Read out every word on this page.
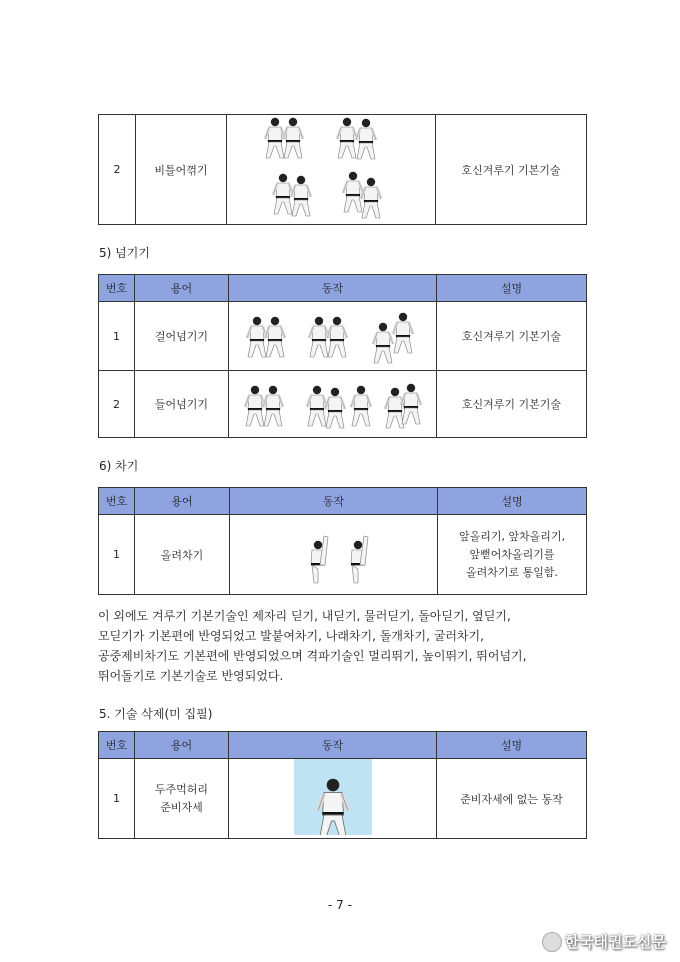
2	비틀어꺾기		호신겨루기 기본기술
5) 넘기기
번호	용어	동작	설명
1	걸어넘기기		호신겨루기 기본기술
2	들어넘기기		호신겨루기 기본기술
6) 차기
번호	용어	동작	설명
1	올려차기		앞올리기, 앞차올리기,
앞뻗어차올리기를
올려차기로 통일함.
이 외에도 겨루기 기본기술인 제자리 딛기, 내딛기, 물러딛기, 돌아딛기, 옆딛기,
모딛기가 기본편에 반영되었고 발붙여차기, 나래차기, 돌개차기, 굴러차기,
공중제비차기도 기본편에 반영되었으며 격파기술인 멀리뛰기, 높이뛰기, 뛰어넘기,
뛰어돌기로 기본기술로 반영되었다.
5. 기술 삭제(미 집필)
번호	용어	동작	설명
1	두주먹허리
준비자세		준비자세에 없는 동작
- 7 -
한국태권도신문
